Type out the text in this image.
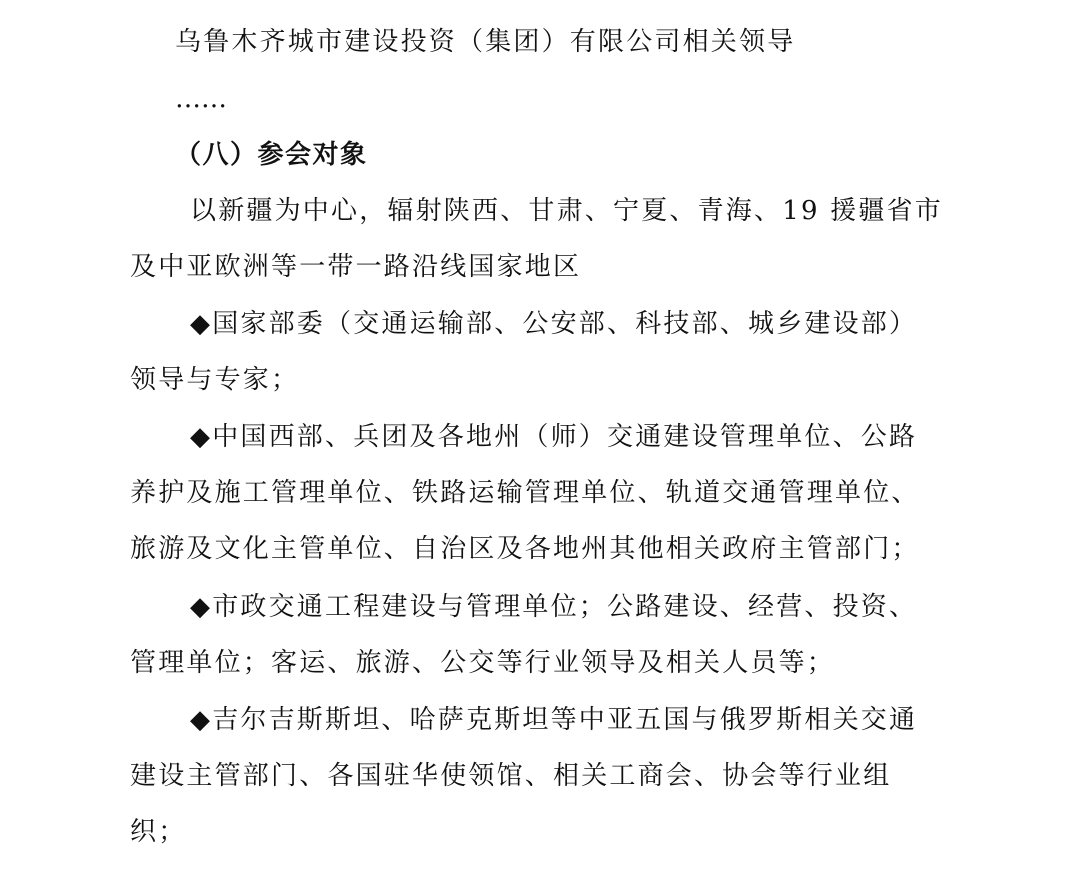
乌鲁木齐城市建设投资（集团）有限公司相关领导
……
（八）参会对象
以新疆为中心，辐射陕西、甘肃、宁夏、青海、19 援疆省市
及中亚欧洲等一带一路沿线国家地区
◆国家部委（交通运输部、公安部、科技部、城乡建设部）
领导与专家；
◆中国西部、兵团及各地州（师）交通建设管理单位、公路
养护及施工管理单位、铁路运输管理单位、轨道交通管理单位、
旅游及文化主管单位、自治区及各地州其他相关政府主管部门；
◆市政交通工程建设与管理单位；公路建设、经营、投资、
管理单位；客运、旅游、公交等行业领导及相关人员等；
◆吉尔吉斯斯坦、哈萨克斯坦等中亚五国与俄罗斯相关交通
建设主管部门、各国驻华使领馆、相关工商会、协会等行业组
织；
